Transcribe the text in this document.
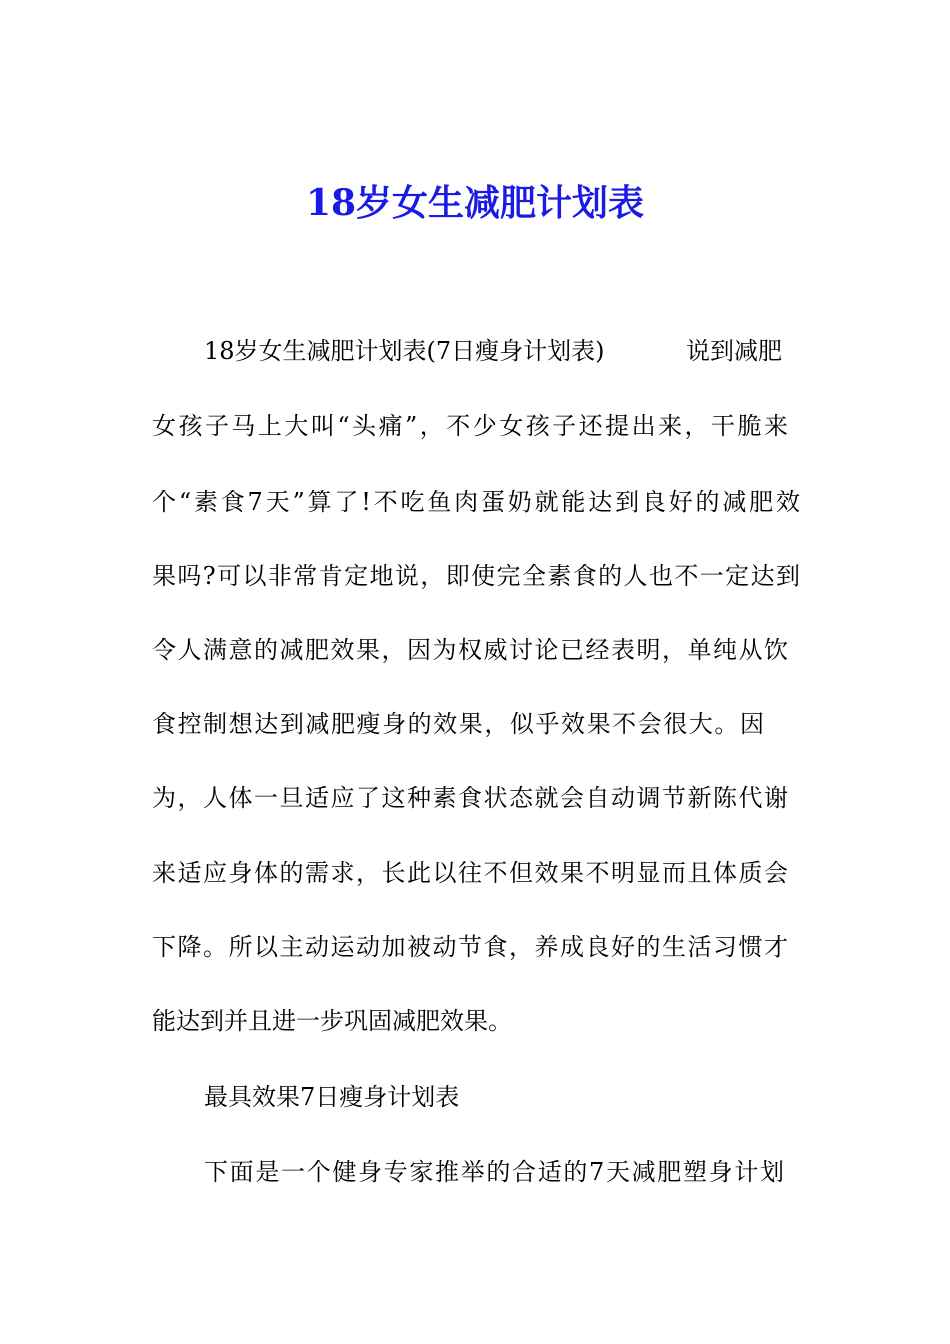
18岁女生减肥计划表
18岁女生减肥计划表(7日瘦身计划表)	说到减肥
女孩子马上大叫“头痛”，不少女孩子还提出来，干脆来
个“素食7天”算了!不吃鱼肉蛋奶就能达到良好的减肥效
果吗?可以非常肯定地说，即使完全素食的人也不一定达到
令人满意的减肥效果，因为权威讨论已经表明，单纯从饮
食控制想达到减肥瘦身的效果，似乎效果不会很大。因
为，人体一旦适应了这种素食状态就会自动调节新陈代谢
来适应身体的需求，长此以往不但效果不明显而且体质会
下降。所以主动运动加被动节食，养成良好的生活习惯才
能达到并且进一步巩固减肥效果。
最具效果7日瘦身计划表
下面是一个健身专家推举的合适的7天减肥塑身计划
